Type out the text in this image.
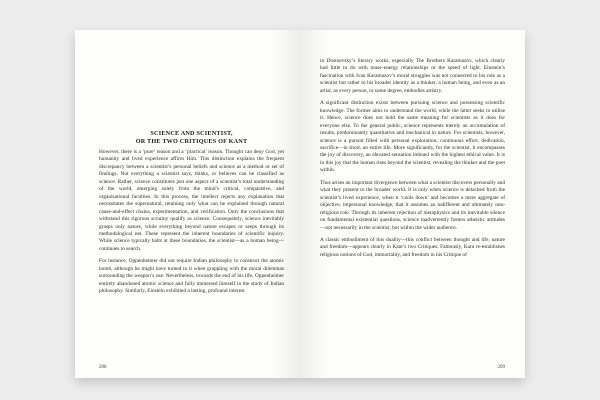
SCIENCE AND SCIENTIST,
OR THE TWO CRITIQUES OF KANT

However, there is a ‘pure’ reason and a ‘practical’ reason. Thought can deny God, yet humanity and lived experience affirm Him. This distinction explains the frequent discrepancy between a scientist’s personal beliefs and science as a method or set of findings. Not everything a scientist says, thinks, or believes can be classified as science. Rather, science constitutes just one aspect of a scientist’s total understanding of the world, emerging solely from the mind’s critical, comparative, and organisational faculties. In this process, the intellect rejects any explanation that necessitates the supernatural, retaining only what can be explained through natural cause-and-effect chains, experimentation, and verification. Only the conclusions that withstand this rigorous scrutiny qualify as science. Consequently, science inevitably grasps only nature, while everything beyond nature escapes or seeps through its methodological net. These represent the inherent boundaries of scientific inquiry. While science typically halts at these boundaries, the scientist—as a human being—continues to search.

For instance, Oppenheimer did not require Indian philosophy to construct the atomic bomb, although he might have turned to it when grappling with the moral dilemmas surrounding the weapon’s use. Nevertheless, towards the end of his life, Oppenheimer entirely abandoned atomic science and fully immersed himself in the study of Indian philosophy. Similarly, Einstein exhibited a lasting, profound interest

208

in Dostoevsky’s literary works, especially The Brothers Karamazov, which clearly had little to do with mass–energy relationships or the speed of light. Einstein’s fascination with Ivan Karamazov’s moral struggles was not connected to his role as a scientist but rather to his broader identity as a thinker, a human being, and even as an artist, as every person, to some degree, embodies artistry.

A significant distinction exists between pursuing science and possessing scientific knowledge. The former aims to understand the world, while the latter seeks to utilise it. Hence, science does not hold the same meaning for scientists as it does for everyone else. To the general public, science represents merely an accumulation of results, predominantly quantitative and mechanical in nature. For scientists, however, science is a pursuit filled with personal exploration, continuous effort, dedication, sacrifice—in short, an entire life. More significantly, for the scientist, it encompasses the joy of discovery, an elevated sensation imbued with the highest ethical value. It is in this joy that the human rises beyond the scientist, revealing the thinker and the poet within.

Thus arises an important divergence between what a scientist discovers personally and what they present to the broader world. It is only when science is detached from the scientist’s lived experience, when it ‘cools down’ and becomes a mere aggregate of objective, impersonal knowledge, that it assumes an indifferent and ultimately non-religious role. Through its inherent rejection of metaphysics and its inevitable silence on fundamental existential questions, science inadvertently fosters atheistic attitudes—not necessarily in the scientist, but within the wider audience.

A classic embodiment of this duality—this conflict between thought and life, nature and freedom—appears clearly in Kant’s two Critiques. Famously, Kant re-establishes religious notions of God, immortality, and freedom in his Critique of

209
